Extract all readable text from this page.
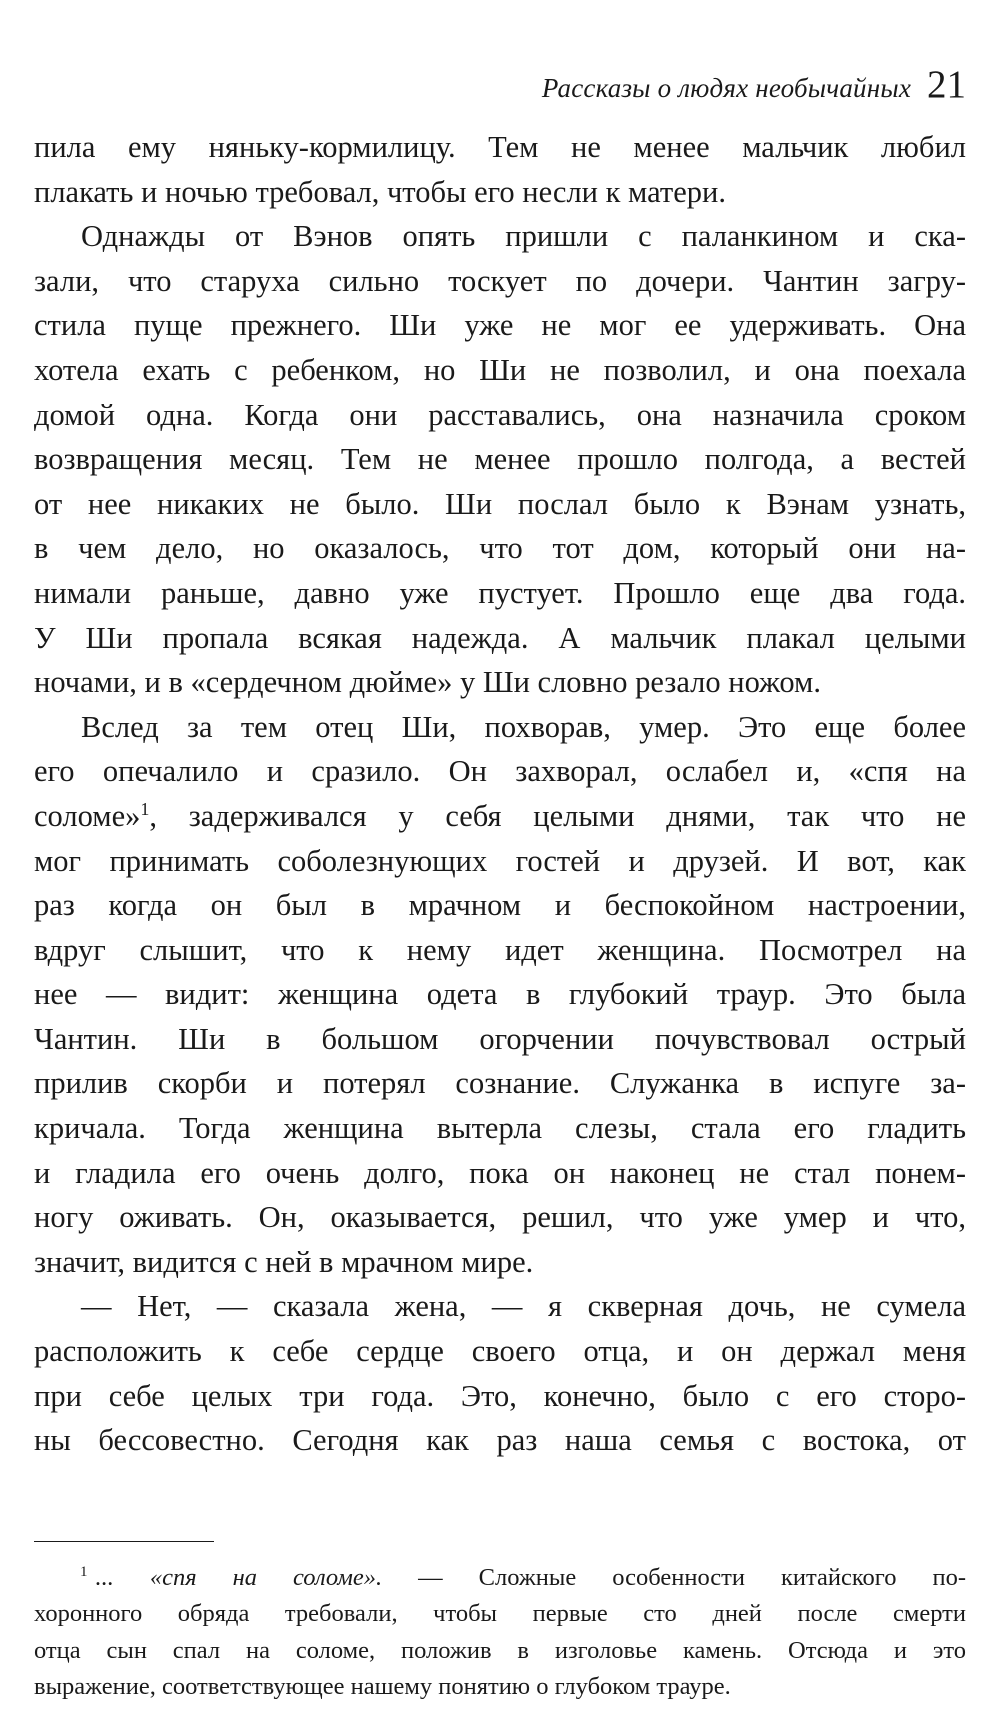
Рассказы о людях необычайных 21
пила ему няньку-кормилицу. Тем не менее мальчик любил
плакать и ночью требовал, чтобы его несли к матери.
Однажды от Вэнов опять пришли с паланкином и ска-
зали, что старуха сильно тоскует по дочери. Чантин загру-
стила пуще прежнего. Ши уже не мог ее удерживать. Она
хотела ехать с ребенком, но Ши не позволил, и она поехала
домой одна. Когда они расставались, она назначила сроком
возвращения месяц. Тем не менее прошло полгода, а вестей
от нее никаких не было. Ши послал было к Вэнам узнать,
в чем дело, но оказалось, что тот дом, который они на-
нимали раньше, давно уже пустует. Прошло еще два года.
У Ши пропала всякая надежда. А мальчик плакал целыми
ночами, и в «сердечном дюйме» у Ши словно резало ножом.
Вслед за тем отец Ши, похворав, умер. Это еще более
его опечалило и сразило. Он захворал, ослабел и, «спя на
соломе»$^1$, задерживался у себя целыми днями, так что не
мог принимать соболезнующих гостей и друзей. И вот, как
раз когда он был в мрачном и беспокойном настроении,
вдруг слышит, что к нему идет женщина. Посмотрел на
нее — видит: женщина одета в глубокий траур. Это была
Чантин. Ши в большом огорчении почувствовал острый
прилив скорби и потерял сознание. Служанка в испуге за-
кричала. Тогда женщина вытерла слезы, стала его гладить
и гладила его очень долго, пока он наконец не стал понем-
ногу оживать. Он, оказывается, решил, что уже умер и что,
значит, видится с ней в мрачном мире.
— Нет, — сказала жена, — я скверная дочь, не сумела
расположить к себе сердце своего отца, и он держал меня
при себе целых три года. Это, конечно, было с его сторо-
ны бессовестно. Сегодня как раз наша семья с востока, от
$^1$ ... «спя на соломе». — Сложные особенности китайского по-
хоронного обряда требовали, чтобы первые сто дней после смерти
отца сын спал на соломе, положив в изголовье камень. Отсюда и это
выражение, соответствующее нашему понятию о глубоком трауре.
